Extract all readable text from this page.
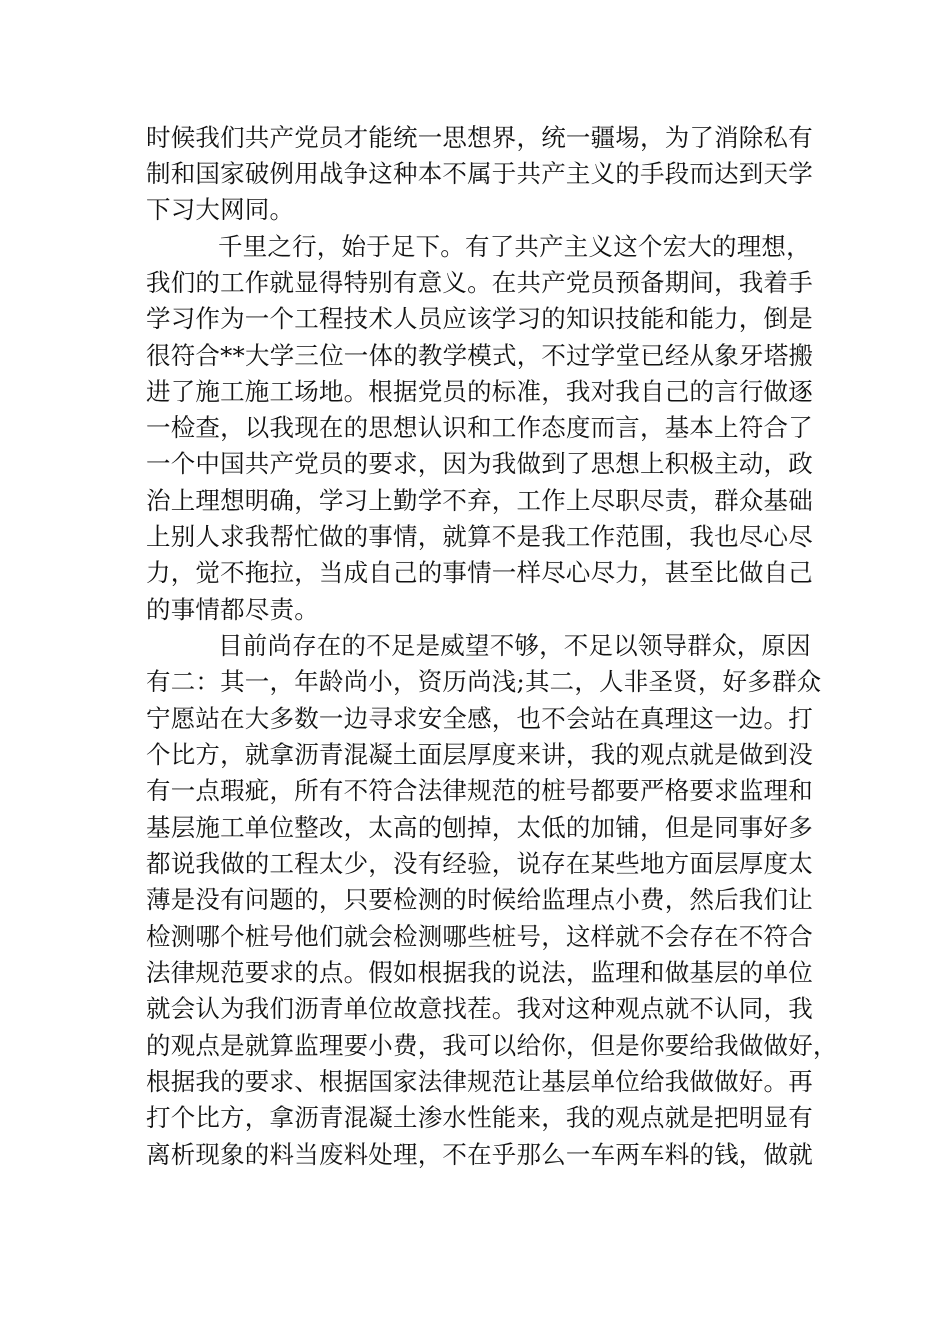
时候我们共产党员才能统一思想界，统一疆埸，为了消除私有
制和国家破例用战争这种本不属于共产主义的手段而达到天学
下习大网同。
千里之行，始于足下。有了共产主义这个宏大的理想，
我们的工作就显得特别有意义。在共产党员预备期间，我着手
学习作为一个工程技术人员应该学习的知识技能和能力，倒是
很符合**大学三位一体的教学模式，不过学堂已经从象牙塔搬
进了施工施工场地。根据党员的标准，我对我自己的言行做逐
一检查，以我现在的思想认识和工作态度而言，基本上符合了
一个中国共产党员的要求，因为我做到了思想上积极主动，政
治上理想明确，学习上勤学不弃，工作上尽职尽责，群众基础
上别人求我帮忙做的事情，就算不是我工作范围，我也尽心尽
力，觉不拖拉，当成自己的事情一样尽心尽力，甚至比做自己
的事情都尽责。
目前尚存在的不足是威望不够，不足以领导群众，原因
有二：其一，年龄尚小，资历尚浅;其二，人非圣贤，好多群众
宁愿站在大多数一边寻求安全感，也不会站在真理这一边。打
个比方，就拿沥青混凝土面层厚度来讲，我的观点就是做到没
有一点瑕疵，所有不符合法律规范的桩号都要严格要求监理和
基层施工单位整改，太高的刨掉，太低的加铺，但是同事好多
都说我做的工程太少，没有经验，说存在某些地方面层厚度太
薄是没有问题的，只要检测的时候给监理点小费，然后我们让
检测哪个桩号他们就会检测哪些桩号，这样就不会存在不符合
法律规范要求的点。假如根据我的说法，监理和做基层的单位
就会认为我们沥青单位故意找茬。我对这种观点就不认同，我
的观点是就算监理要小费，我可以给你，但是你要给我做做好，
根据我的要求、根据国家法律规范让基层单位给我做做好。再
打个比方，拿沥青混凝土渗水性能来，我的观点就是把明显有
离析现象的料当废料处理，不在乎那么一车两车料的钱，做就
